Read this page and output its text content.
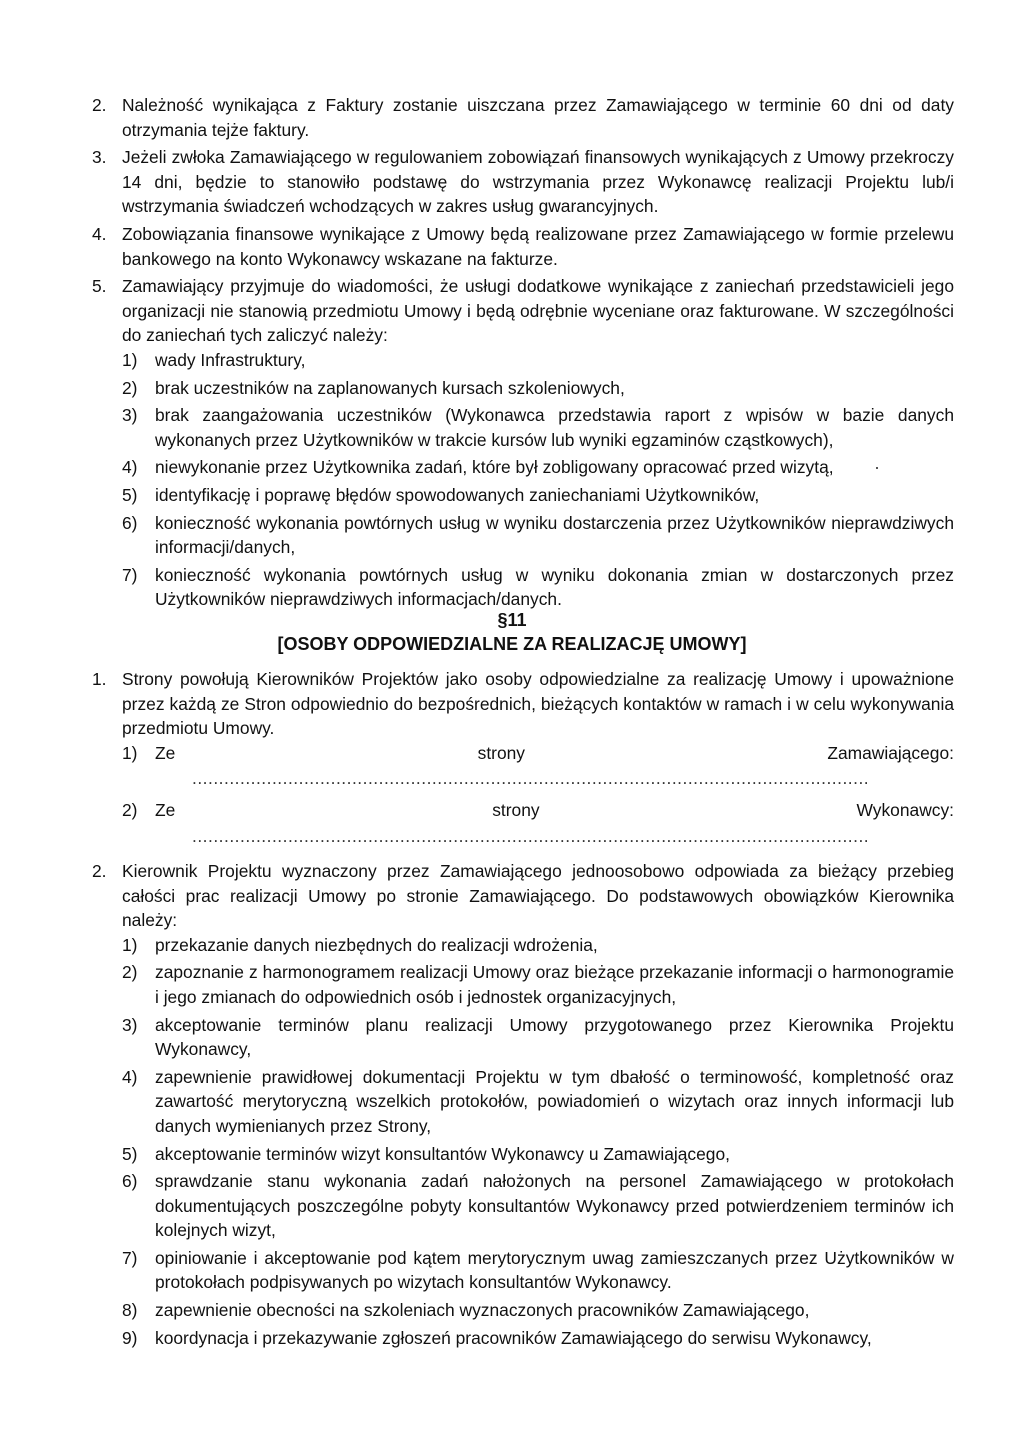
2. Należność wynikająca z Faktury zostanie uiszczana przez Zamawiającego w terminie 60 dni od daty otrzymania tejże faktury.
3. Jeżeli zwłoka Zamawiającego w regulowaniem zobowiązań finansowych wynikających z Umowy przekroczy 14 dni, będzie to stanowiło podstawę do wstrzymania przez Wykonawcę realizacji Projektu lub/i wstrzymania świadczeń wchodzących w zakres usług gwarancyjnych.
4. Zobowiązania finansowe wynikające z Umowy będą realizowane przez Zamawiającego w formie przelewu bankowego na konto Wykonawcy wskazane na fakturze.
5. Zamawiający przyjmuje do wiadomości, że usługi dodatkowe wynikające z zaniechań przedstawicieli jego organizacji nie stanowią przedmiotu Umowy i będą odrębnie wyceniane oraz fakturowane. W szczególności do zaniechań tych zaliczyć należy:
1) wady Infrastruktury,
2) brak uczestników na zaplanowanych kursach szkoleniowych,
3) brak zaangażowania uczestników (Wykonawca przedstawia raport z wpisów w bazie danych wykonanych przez Użytkowników w trakcie kursów lub wyniki egzaminów cząstkowych),
4) niewykonanie przez Użytkownika zadań, które był zobligowany opracować przed wizytą,
5) identyfikację i poprawę błędów spowodowanych zaniechaniami Użytkowników,
6) konieczność wykonania powtórnych usług w wyniku dostarczenia przez Użytkowników nieprawdziwych informacji/danych,
7) konieczność wykonania powtórnych usług w wyniku dokonania zmian w dostarczonych przez Użytkowników nieprawdziwych informacjach/danych.
§11
[OSOBY ODPOWIEDZIALNE ZA REALIZACJĘ UMOWY]
1. Strony powołują Kierowników Projektów jako osoby odpowiedzialne za realizację Umowy i upoważnione przez każdą ze Stron odpowiednio do bezpośrednich, bieżących kontaktów w ramach i w celu wykonywania przedmiotu Umowy.
1) Ze	strony	Zamawiającego:
...............................................................................................................................
2) Ze	strony	Wykonawcy:
...............................................................................................................................
2. Kierownik Projektu wyznaczony przez Zamawiającego jednoosobowo odpowiada za bieżący przebieg całości prac realizacji Umowy po stronie Zamawiającego. Do podstawowych obowiązków Kierownika należy:
1) przekazanie danych niezbędnych do realizacji wdrożenia,
2) zapoznanie z harmonogramem realizacji Umowy oraz bieżące przekazanie informacji o harmonogramie i jego zmianach do odpowiednich osób i jednostek organizacyjnych,
3) akceptowanie terminów planu realizacji Umowy przygotowanego przez Kierownika Projektu Wykonawcy,
4) zapewnienie prawidłowej dokumentacji Projektu w tym dbałość o terminowość, kompletność oraz zawartość merytoryczną wszelkich protokołów, powiadomień o wizytach oraz innych informacji lub danych wymienianych przez Strony,
5) akceptowanie terminów wizyt konsultantów Wykonawcy u Zamawiającego,
6) sprawdzanie stanu wykonania zadań nałożonych na personel Zamawiającego w protokołach dokumentujących poszczególne pobyty konsultantów Wykonawcy przed potwierdzeniem terminów ich kolejnych wizyt,
7) opiniowanie i akceptowanie pod kątem merytorycznym uwag zamieszczanych przez Użytkowników w protokołach podpisywanych po wizytach konsultantów Wykonawcy.
8) zapewnienie obecności na szkoleniach wyznaczonych pracowników Zamawiającego,
9) koordynacja i przekazywanie zgłoszeń pracowników Zamawiającego do serwisu Wykonawcy,
